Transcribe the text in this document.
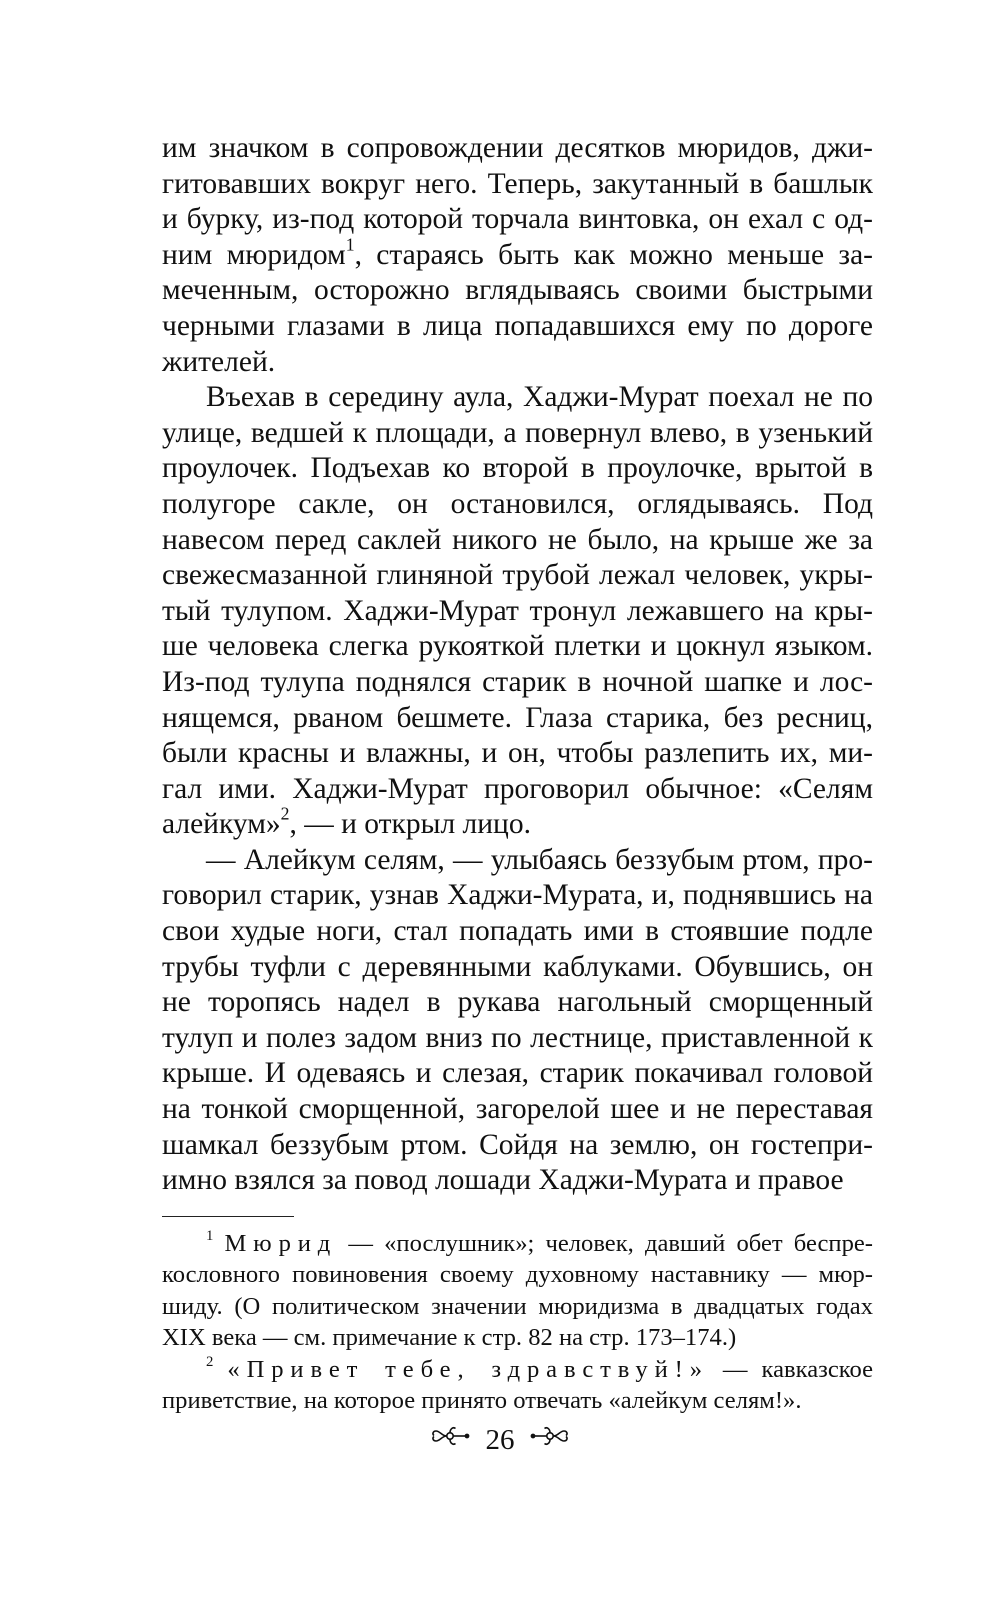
им значком в сопровождении десятков мюридов, джигитовавших вокруг него. Теперь, закутанный в башлык и бурку, из-под которой торчала винтовка, он ехал с одним мюридом$^1$, стараясь быть как можно меньше замеченным, осторожно вглядываясь своими быстрыми черными глазами в лица попадавшихся ему по дороге жителей.

Въехав в середину аула, Хаджи-Мурат поехал не по улице, ведшей к площади, а повернул влево, в узенький проулочек. Подъехав ко второй в проулочке, врытой в полугоре сакле, он остановился, оглядываясь. Под навесом перед саклей никого не было, на крыше же за свежесмазанной глиняной трубой лежал человек, укрытый тулупом. Хаджи-Мурат тронул лежавшего на крыше человека слегка рукояткой плетки и цокнул языком. Из-под тулупа поднялся старик в ночной шапке и лоснящемся, рваном бешмете. Глаза старика, без ресниц, были красны и влажны, и он, чтобы разлепить их, мигал ими. Хаджи-Мурат проговорил обычное: «Селям алейкум»$^2$, — и открыл лицо.

— Алейкум селям, — улыбаясь беззубым ртом, проговорил старик, узнав Хаджи-Мурата, и, поднявшись на свои худые ноги, стал попадать ими в стоявшие подле трубы туфли с деревянными каблуками. Обувшись, он не торопясь надел в рукава нагольный сморщенный тулуп и полез задом вниз по лестнице, приставленной к крыше. И одеваясь и слезая, старик покачивал головой на тонкой сморщенной, загорелой шее и не переставая шамкал беззубым ртом. Сойдя на землю, он гостеприимно взялся за повод лошади Хаджи-Мурата и правое

$^1$ Мюрид — «послушник»; человек, давший обет беспрекословного повиновения своему духовному наставнику — мюршиду. (О политическом значении мюридизма в двадцатых годах XIX века — см. примечание к стр. 82 на стр. 173–174.)

$^2$ «Привет тебе, здравствуй!» — кавказское приветствие, на которое принято отвечать «алейкум селям!».

26
